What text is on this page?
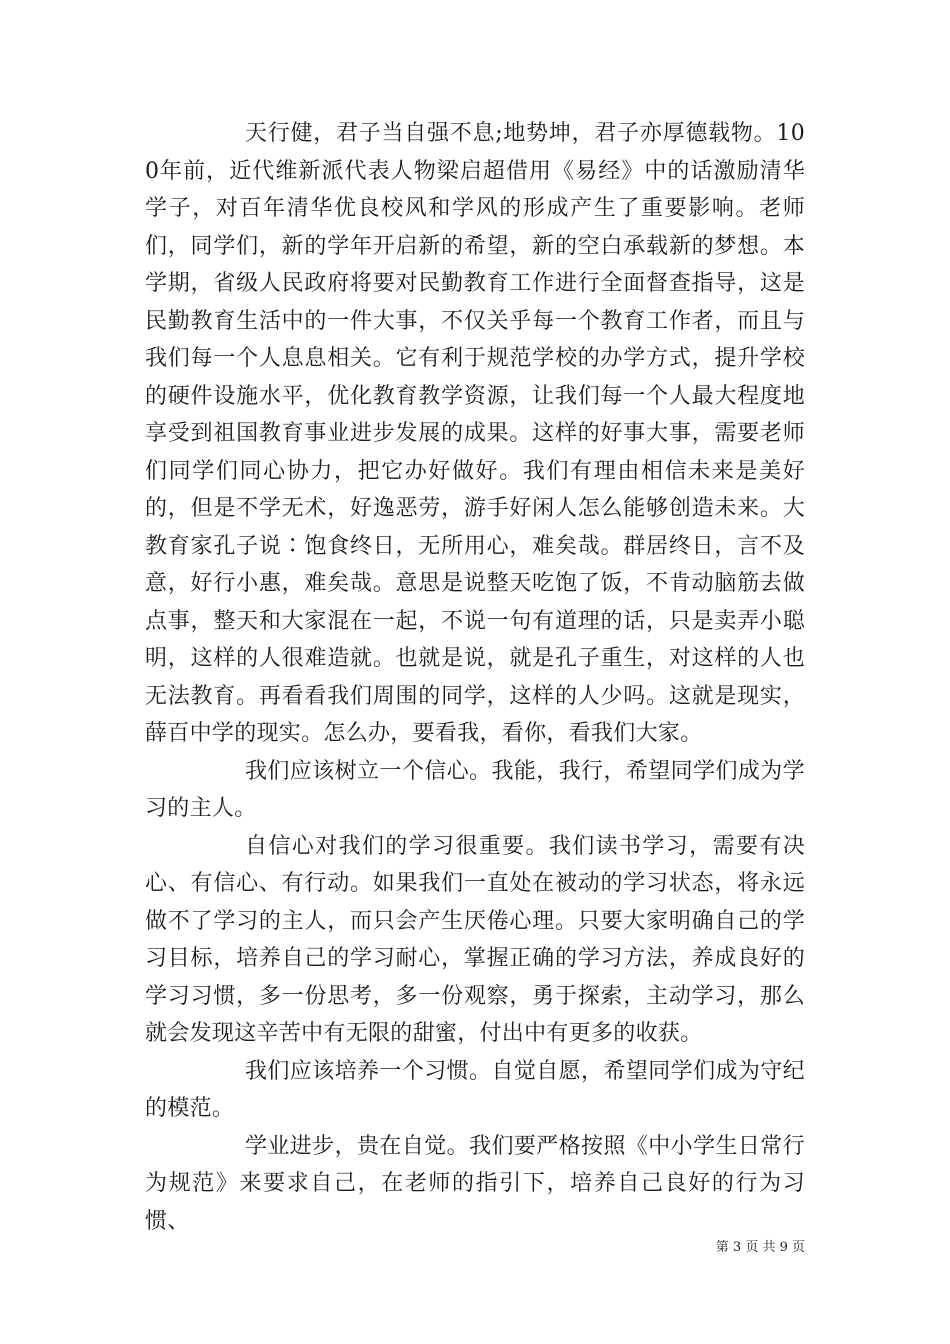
天行健，君子当自强不息;地势坤，君子亦厚德载物。100年前，近代维新派代表人物梁启超借用《易经》中的话激励清华学子，对百年清华优良校风和学风的形成产生了重要影响。老师们，同学们，新的学年开启新的希望，新的空白承载新的梦想。本学期，省级人民政府将要对民勤教育工作进行全面督查指导，这是民勤教育生活中的一件大事，不仅关乎每一个教育工作者，而且与我们每一个人息息相关。它有利于规范学校的办学方式，提升学校的硬件设施水平，优化教育教学资源，让我们每一个人最大程度地享受到祖国教育事业进步发展的成果。这样的好事大事，需要老师们同学们同心协力，把它办好做好。我们有理由相信未来是美好的，但是不学无术，好逸恶劳，游手好闲人怎么能够创造未来。大教育家孔子说∶饱食终日，无所用心，难矣哉。群居终日，言不及意，好行小惠，难矣哉。意思是说整天吃饱了饭，不肯动脑筋去做点事，整天和大家混在一起，不说一句有道理的话，只是卖弄小聪明，这样的人很难造就。也就是说，就是孔子重生，对这样的人也无法教育。再看看我们周围的同学，这样的人少吗。这就是现实，薛百中学的现实。怎么办，要看我，看你，看我们大家。

我们应该树立一个信心。我能，我行，希望同学们成为学习的主人。

自信心对我们的学习很重要。我们读书学习，需要有决心、有信心、有行动。如果我们一直处在被动的学习状态，将永远做不了学习的主人，而只会产生厌倦心理。只要大家明确自己的学习目标，培养自己的学习耐心，掌握正确的学习方法，养成良好的学习习惯，多一份思考，多一份观察，勇于探索，主动学习，那么就会发现这辛苦中有无限的甜蜜，付出中有更多的收获。

我们应该培养一个习惯。自觉自愿，希望同学们成为守纪的模范。

学业进步，贵在自觉。我们要严格按照《中小学生日常行为规范》来要求自己，在老师的指引下，培养自己良好的行为习惯、

第 3 页 共 9 页
